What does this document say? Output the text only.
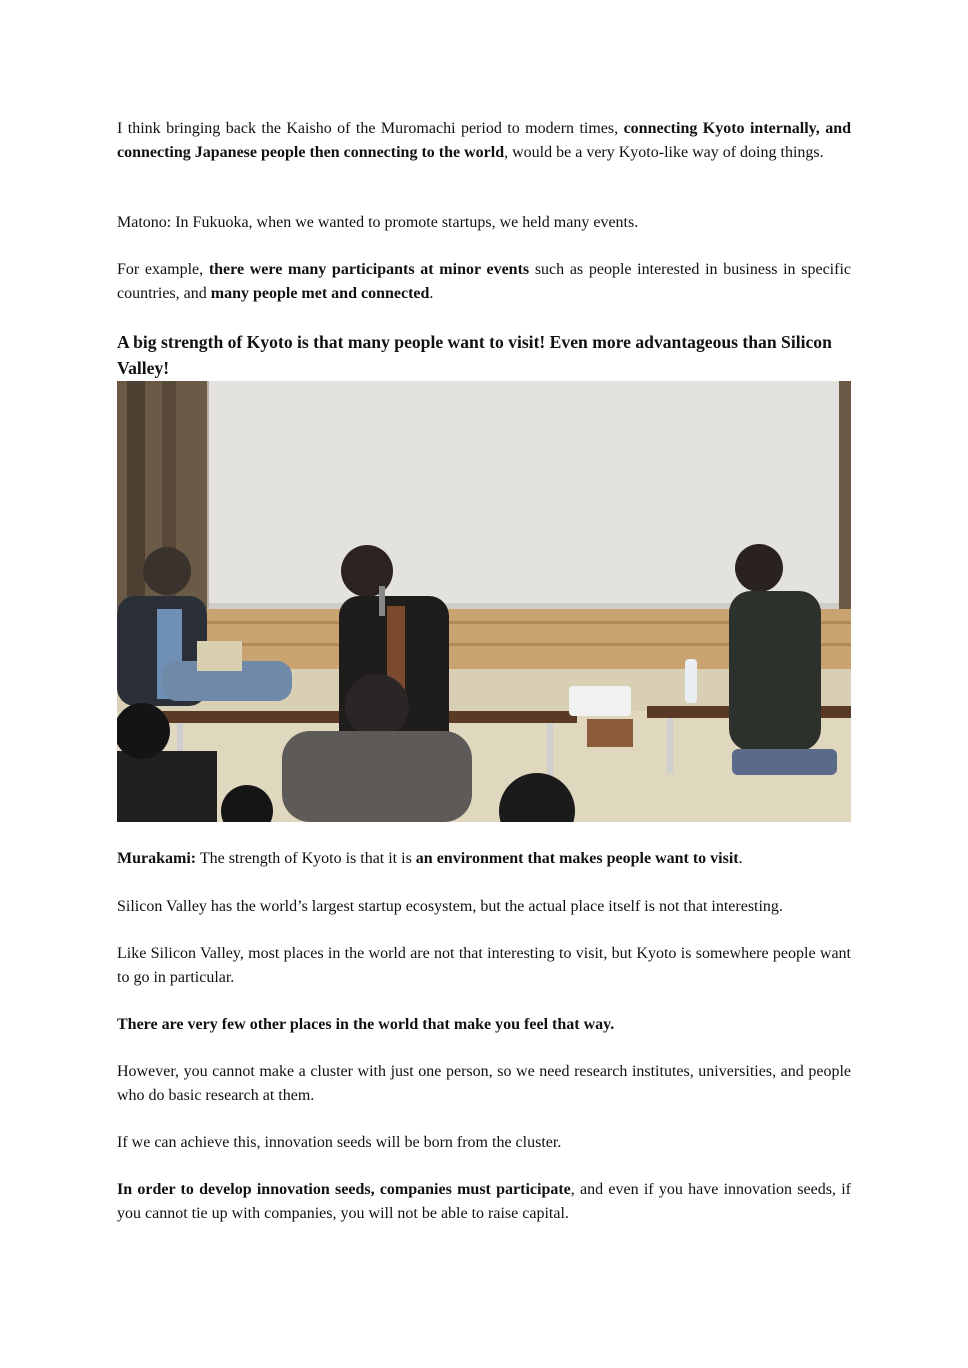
I think bringing back the Kaisho of the Muromachi period to modern times, connecting Kyoto internally, and connecting Japanese people then connecting to the world, would be a very Kyoto-like way of doing things.

Matono: In Fukuoka, when we wanted to promote startups, we held many events.

For example, there were many participants at minor events such as people interested in business in specific countries, and many people met and connected.

A big strength of Kyoto is that many people want to visit! Even more advantageous than Silicon Valley!

Murakami: The strength of Kyoto is that it is an environment that makes people want to visit.

Silicon Valley has the world’s largest startup ecosystem, but the actual place itself is not that interesting.

Like Silicon Valley, most places in the world are not that interesting to visit, but Kyoto is somewhere people want to go in particular.

There are very few other places in the world that make you feel that way.

However, you cannot make a cluster with just one person, so we need research institutes, universities, and people who do basic research at them.

If we can achieve this, innovation seeds will be born from the cluster.

In order to develop innovation seeds, companies must participate, and even if you have innovation seeds, if you cannot tie up with companies, you will not be able to raise capital.
